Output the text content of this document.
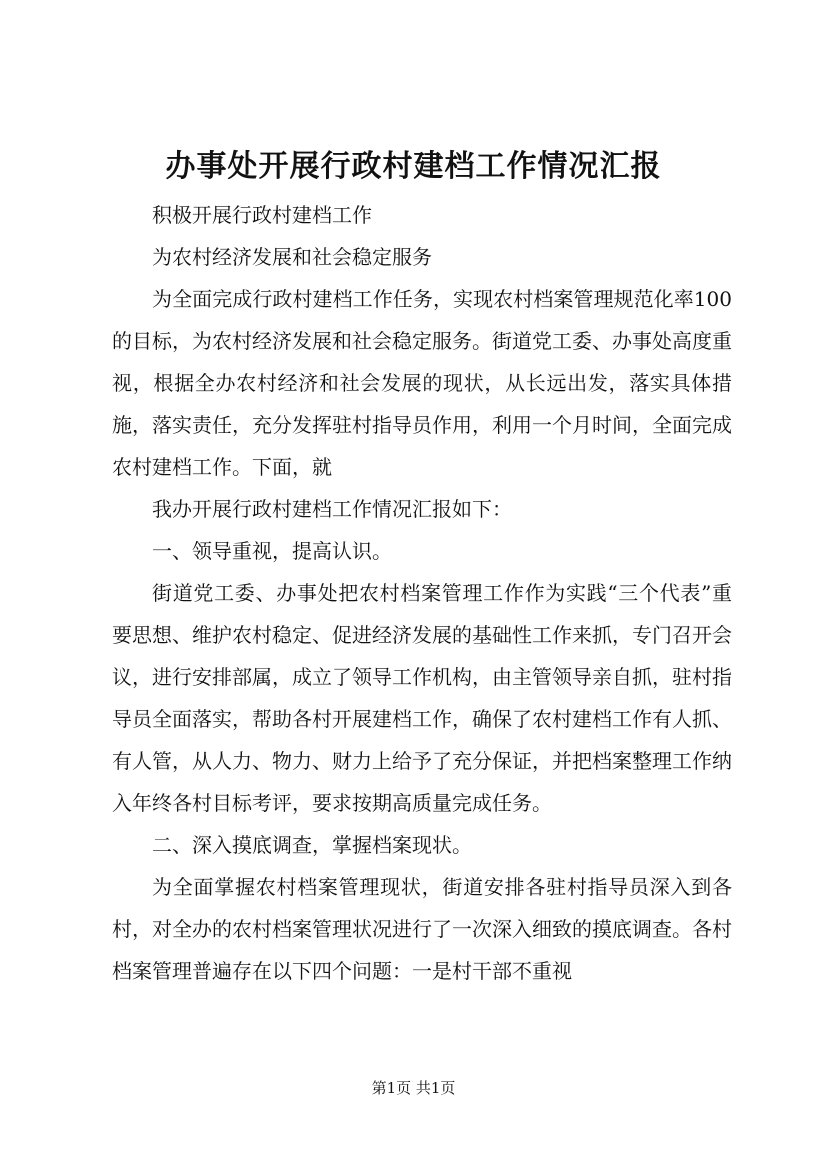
办事处开展行政村建档工作情况汇报

积极开展行政村建档工作

为农村经济发展和社会稳定服务

为全面完成行政村建档工作任务，实现农村档案管理规范化率100的目标，为农村经济发展和社会稳定服务。街道党工委、办事处高度重视，根据全办农村经济和社会发展的现状，从长远出发，落实具体措施，落实责任，充分发挥驻村指导员作用，利用一个月时间，全面完成农村建档工作。下面，就

我办开展行政村建档工作情况汇报如下：

一、领导重视，提高认识。

街道党工委、办事处把农村档案管理工作作为实践“三个代表”重要思想、维护农村稳定、促进经济发展的基础性工作来抓，专门召开会议，进行安排部属，成立了领导工作机构，由主管领导亲自抓，驻村指导员全面落实，帮助各村开展建档工作，确保了农村建档工作有人抓、有人管，从人力、物力、财力上给予了充分保证，并把档案整理工作纳入年终各村目标考评，要求按期高质量完成任务。

二、深入摸底调查，掌握档案现状。

为全面掌握农村档案管理现状，街道安排各驻村指导员深入到各村，对全办的农村档案管理状况进行了一次深入细致的摸底调查。各村档案管理普遍存在以下四个问题：一是村干部不重视

第1页 共1页
